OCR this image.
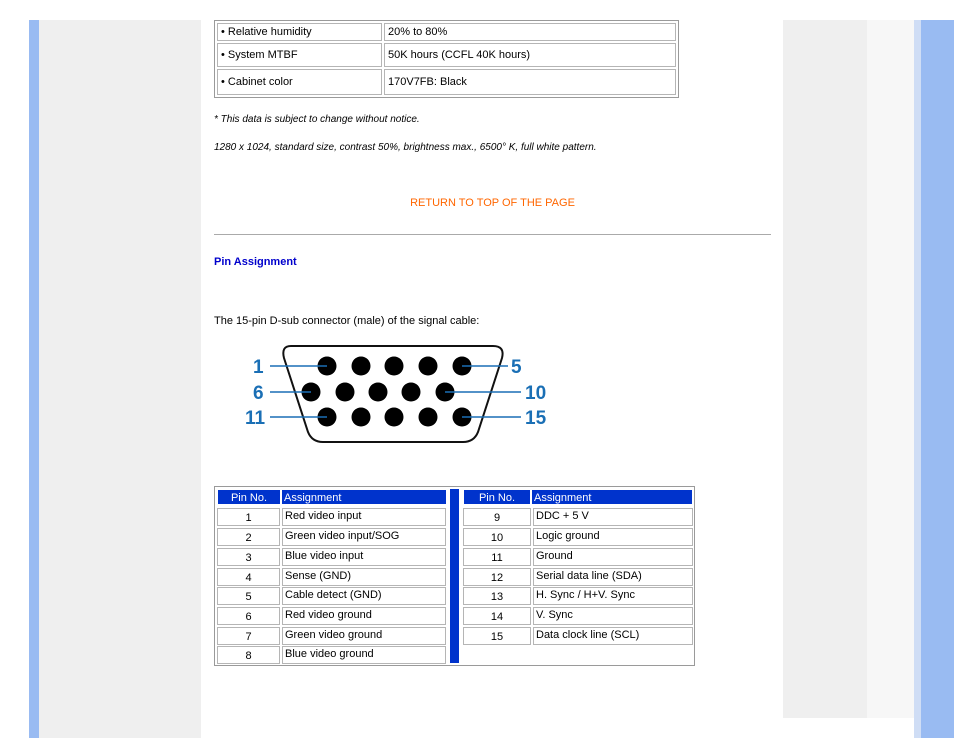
• Relative humidity	20% to 80%
• System MTBF	50K hours (CCFL 40K hours)
• Cabinet color	170V7FB: Black
* This data is subject to change without notice.
1280 x 1024, standard size, contrast 50%, brightness max., 6500° K, full white pattern.
RETURN TO TOP OF THE PAGE
Pin Assignment
The 15-pin D-sub connector (male) of the signal cable:
1	5
6	10
11	15
Pin No.	Assignment	Pin No.	Assignment
1	Red video input
2	Green video input/SOG
3	Blue video input
4	Sense (GND)
5	Cable detect (GND)
6	Red video ground
7	Green video ground
8	Blue video ground
9	DDC + 5 V
10	Logic ground
11	Ground
12	Serial data line (SDA)
13	H. Sync / H+V. Sync
14	V. Sync
15	Data clock line (SCL)
